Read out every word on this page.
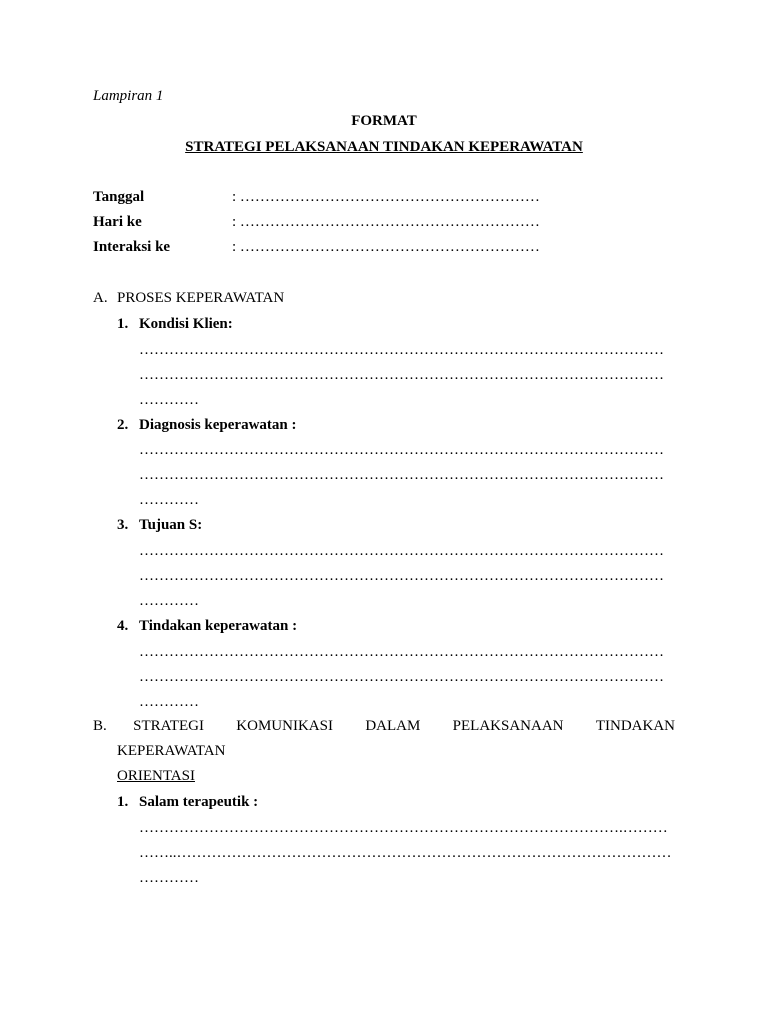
Lampiran 1
FORMAT
STRATEGI PELAKSANAAN TINDAKAN KEPERAWATAN
Tanggal	: ……………………………………………………
Hari ke	: ……………………………………………………
Interaksi ke	: ……………………………………………………
A. PROSES KEPERAWATAN
1. Kondisi Klien:
……………………………………………………………………………………………
……………………………………………………………………………………………
…………
2. Diagnosis keperawatan :
……………………………………………………………………………………………
……………………………………………………………………………………………
…………
3. Tujuan S:
……………………………………………………………………………………………
……………………………………………………………………………………………
…………
4. Tindakan keperawatan :
……………………………………………………………………………………………
……………………………………………………………………………………………
…………
B. STRATEGI KOMUNIKASI DALAM PELAKSANAAN TINDAKAN
KEPERAWATAN
ORIENTASI
1. Salam terapeutik :
…………………………………………………………………………………….………
……..………………………………………………………………………………………
…………
